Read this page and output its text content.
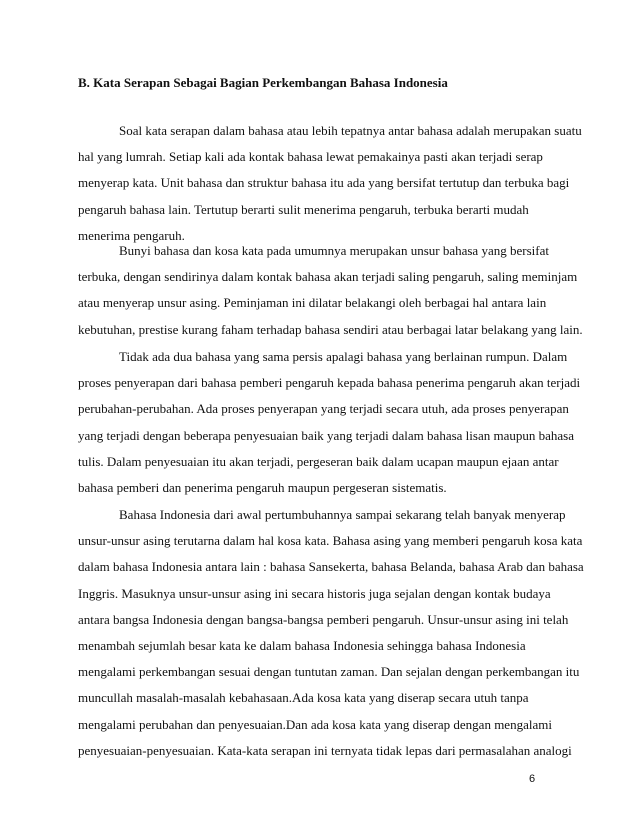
B. Kata Serapan Sebagai Bagian Perkembangan Bahasa Indonesia
Soal kata serapan dalam bahasa atau lebih tepatnya antar bahasa adalah merupakan suatu
hal yang lumrah. Setiap kali ada kontak bahasa lewat pemakainya pasti akan terjadi serap
menyerap kata. Unit bahasa dan struktur bahasa itu ada yang bersifat tertutup dan terbuka bagi
pengaruh bahasa lain. Tertutup berarti sulit menerima pengaruh, terbuka berarti mudah
menerima pengaruh.
Bunyi bahasa dan kosa kata pada umumnya merupakan unsur bahasa yang bersifat
terbuka, dengan sendirinya dalam kontak bahasa akan terjadi saling pengaruh, saling meminjam
atau menyerap unsur asing. Peminjaman ini dilatar belakangi oleh berbagai hal antara lain
kebutuhan, prestise kurang faham terhadap bahasa sendiri atau berbagai latar belakang yang lain.
Tidak ada dua bahasa yang sama persis apalagi bahasa yang berlainan rumpun. Dalam
proses penyerapan dari bahasa pemberi pengaruh kepada bahasa penerima pengaruh akan terjadi
perubahan-perubahan. Ada proses penyerapan yang terjadi secara utuh, ada proses penyerapan
yang terjadi dengan beberapa penyesuaian baik yang terjadi dalam bahasa lisan maupun bahasa
tulis. Dalam penyesuaian itu akan terjadi, pergeseran baik dalam ucapan maupun ejaan antar
bahasa pemberi dan penerima pengaruh maupun pergeseran sistematis.
Bahasa Indonesia dari awal pertumbuhannya sampai sekarang telah banyak menyerap
unsur-unsur asing terutarna dalam hal kosa kata. Bahasa asing yang memberi pengaruh kosa kata
dalam bahasa Indonesia antara lain : bahasa Sansekerta, bahasa Belanda, bahasa Arab dan bahasa
Inggris. Masuknya unsur-unsur asing ini secara historis juga sejalan dengan kontak budaya
antara bangsa Indonesia dengan bangsa-bangsa pemberi pengaruh. Unsur-unsur asing ini telah
menambah sejumlah besar kata ke dalam bahasa Indonesia sehingga bahasa Indonesia
mengalami perkembangan sesuai dengan tuntutan zaman. Dan sejalan dengan perkembangan itu
muncullah masalah-masalah kebahasaan.Ada kosa kata yang diserap secara utuh tanpa
mengalami perubahan dan penyesuaian.Dan ada kosa kata yang diserap dengan mengalami
penyesuaian-penyesuaian. Kata-kata serapan ini ternyata tidak lepas dari permasalahan analogi
6
